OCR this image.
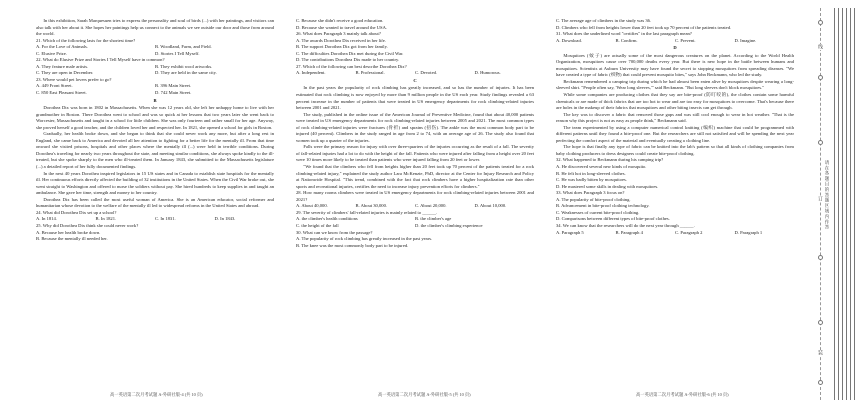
In this exhibition, Sarah Marquesuen tries to express the personality and soul of birds (...) with her paintings, and visitors can also talk with her about it. She hopes her paintings help us connect to the animals we see outside our door and those from around the world.

21. Which of the following lasts for the shortest time?

A. For the Love of Animals.	B. Woodland, Farm, and Field.
C. Elusive Prize.	D. Stories I Tell Myself.

22. What do Elusive Prize and Stories I Tell Myself have in common?

A. They feature male artists.	B. They exhibit wool artworks.
C. They are open in December.	D. They are held in the same city.

23. Where would pet lovers prefer to go?

A. 449 Front Street.	B. 396 Main Street.
C. 850 East Pleasant Street.	D. 742 Main Street.

B

Dorothea Dix was born in 1802 in Massachusetts. When she was 12 years old, she left her unhappy home to live with her grandmother in Boston. There Dorothea went to school and was so quick at her lessons that two years later she went back to Worcester, Massachusetts and taught in a school for little children. She was only fourteen and rather small for her age. Anyway, she proved herself a good teacher, and the children loved her and respected her. In 1821, she opened a school for girls in Boston.

Gradually, her health broke down, and she began to think that she could never work any more, but after a long rest in England, she came back to America and devoted all her attention to fighting for a better life for the mentally ill. From that time onward she visited prisons, hospitals and other places where the mentally ill (...) were held in terrible conditions. During Dorothea's traveling for nearly two years throughout the state, and meeting similar conditions, she always spoke kindly to the ill-treated, but she spoke sharply to the men who ill-treated them. In January 1843, she submitted to the Massachusetts legislature (...) a detailed report of her fully documented findings.

In the next 40 years Dorothea inspired legislators in 15 US states and in Canada to establish state hospitals for the mentally ill. Her continuous efforts directly affected the building of 32 institutions in the United States. When the Civil War broke out, she went straight to Washington and offered to nurse the soldiers without pay. She hired hundreds to keep supplies in and taught an ambulance. She gave her time, strength and money to her country.

Dorothea Dix has been called the most useful woman of America. She is an American educator, social reformer and humanitarian whose devotion to the welfare of the mentally ill led to widespread reforms in the United States and abroad.

24. What did Dorothea Dix set up a school?

A. In 1814.	B. In 1821.	C. In 1831.	D. In 1843.

25. Why did Dorothea Dix think she could never work?

A. Because her health broke down.

B. Because the mentally ill needed her.

高一英语第二次月考试题 A-外研社版-4 (共 10 页)

C. Because she didn't receive a good education.

D. Because she wanted to travel around the USA.

26. What does Paragraph 3 mainly talk about?

A. The awards Dorothea Dix received in her life.

B. The support Dorothea Dix got from her family.

C. The difficulties Dorothea Dix met during the Civil War.

D. The contributions Dorothea Dix made to her country.

27. Which of the following can best describe Dorothea Dix?

A. Independent.	B. Professional.	C. Devoted.	D. Humorous.

C

In the past years the popularity of rock climbing has greatly increased, and so has the number of injuries. It has been estimated that rock climbing is now enjoyed by more than 9 million people in the US each year. Study findings revealed a 63 percent increase in the number of patients that were treated in US emergency departments for rock climbing-related injuries between 2001 and 2021.

The study, published in the online issue of the American Journal of Preventive Medicine, found that about 40,000 patients were treated in US emergency departments for rock climbing-related injuries between 2005 and 2021. The most common types of rock climbing-related injuries were fractures (骨折) and sprains (扭伤). The ankle was the most common body part to be injured (40 percent). Climbers in the study ranged in age from 2 to 74, with an average age of 26. The study also found that women took up a quarter of the injuries.

Falls were the primary reason for injury with over three-quarters of the injuries occurring as the result of a fall. The severity of fall-related injuries had a lot to do with the height of the fall. Patients who were injured after falling from a height over 20 feet were 10 times more likely to be treated than patients who were injured falling from 20 feet or lower.

"We found that the climbers who fell from heights higher than 20 feet took up 70 percent of the patients treated for a rock climbing-related injury," explained the study author Lara McKenzie, PhD, director at the Center for Injury Research and Policy at Nationwide Hospital. "This trend, combined with the fact that rock climbers have a higher hospitalization rate than other sports and recreational injuries, certifies the need to increase injury prevention efforts for climbers."

28. How many rooms climbers were treated in US emergency departments for rock climbing-related injuries between 2001 and 2021?

A. About 40,000.	B. About 30,000.	C. About 20,000.	D. About 10,000.

29. The severity of climbers' fall-related injuries is mainly related to ______.

A. the climber's health conditions	B. the climber's age
C. the height of the fall	D. the climber's climbing experience

30. What can we know from the passage?

A. The popularity of rock climbing has greatly increased in the past years.

B. The knee was the most commonly body part to be injured.

高一英语第二次月考试题 A-外研社版-5 (共 10 页)

C. The average age of climbers in the study was 36.

D. Climbers who fell from heights lower than 20 feet took up 70 percent of the patients treated.

31. What does the underlined word "certifies" in the last paragraph mean?

A. Download.	B. Confirm.	C. Prevent.	D. Imagine.

D

Mosquitoes (蚊子) are actually some of the most dangerous creatures on the planet. According to the World Health Organization, mosquitoes cause over 700,000 deaths every year. But there is new hope in the battle between humans and mosquitoes. Scientists at Auburn University may have found the secret to stopping mosquitoes from spreading diseases. "We have created a type of fabric (织物) that could prevent mosquito bites," says John Beckmann, who led the study.

Beckmann remembered a camping trip during which he had almost been eaten alive by mosquitoes despite wearing a long-sleeved shirt. "People often say, 'Wear long sleeves,'" said Beckmann. "But long sleeves don't block mosquitoes."

While some companies are producing clothes that they say are bite-proof (防叮咬的), the clothes contain some harmful chemicals or are made of thick fabrics that are too hot to wear and are too easy for mosquitoes to overcome. That's because there are holes in the makeup of their fabrics that mosquitoes and other biting insects can get through.

The key was to discover a fabric that removed those gaps and was still cool enough to wear in hot weather. "That is the reason why this project is not as easy as people think," Beckmann said.

The team experimented by using a computer numerical control knitting (编织) machine that could be programmed with different patterns until they found a bite-proof one. But the researchers are still not satisfied and will be spending the next year perfecting the comfort aspect of the material and eventually creating a clothing line.

The hope is that finally any type of fabric can be knitted into the lab's pattern so that all kinds of clothing companies from baby clothing producers to dress designers could create bite-proof clothing.

32. What happened to Beckmann during his camping trip?

A. He discovered several new kinds of mosquito.

B. He felt hot in long-sleeved clothes.

C. He was badly bitten by mosquitoes.

D. He mastered some skills in dealing with mosquitoes.

33. What does Paragraph 3 focus on?

A. The popularity of bite-proof clothing.

B. Advancement in bite-proof clothing technology.

C. Weaknesses of current bite-proof clothing.

D. Comparisons between different types of bite-proof clothes.

34. We can know that the researchers will do the next year through ______.

A. Paragraph 5	B. Paragraph 4	C. Paragraph 2	D. Paragraph 1
高一英语第二次月考试题 A-外研社版-6 (共 10 页)
线
订
装
请在各题目的答题区域内作答
